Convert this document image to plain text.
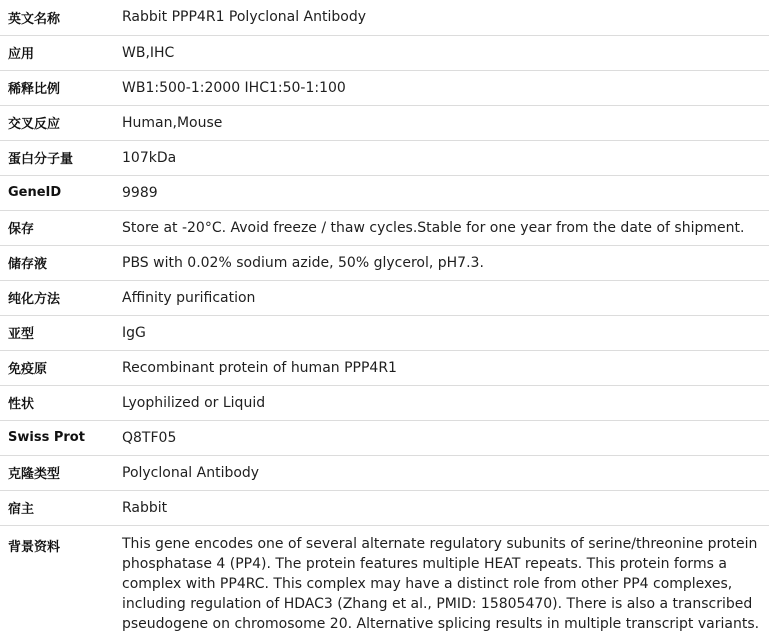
英文名称	Rabbit PPP4R1 Polyclonal Antibody
应用	WB,IHC
稀释比例	WB1:500-1:2000 IHC1:50-1:100
交叉反应	Human,Mouse
蛋白分子量	107kDa
GeneID	9989
保存	Store at -20°C. Avoid freeze / thaw cycles.Stable for one year from the date of shipment.
储存液	PBS with 0.02% sodium azide, 50% glycerol, pH7.3.
纯化方法	Affinity purification
亚型	IgG
免疫原	Recombinant protein of human PPP4R1
性状	Lyophilized or Liquid
Swiss Prot	Q8TF05
克隆类型	Polyclonal Antibody
宿主	Rabbit
背景资料	This gene encodes one of several alternate regulatory subunits of serine/threonine protein phosphatase 4 (PP4). The protein features multiple HEAT repeats. This protein forms a complex with PP4RC. This complex may have a distinct role from other PP4 complexes, including regulation of HDAC3 (Zhang et al., PMID: 15805470). There is also a transcribed pseudogene on chromosome 20. Alternative splicing results in multiple transcript variants.
